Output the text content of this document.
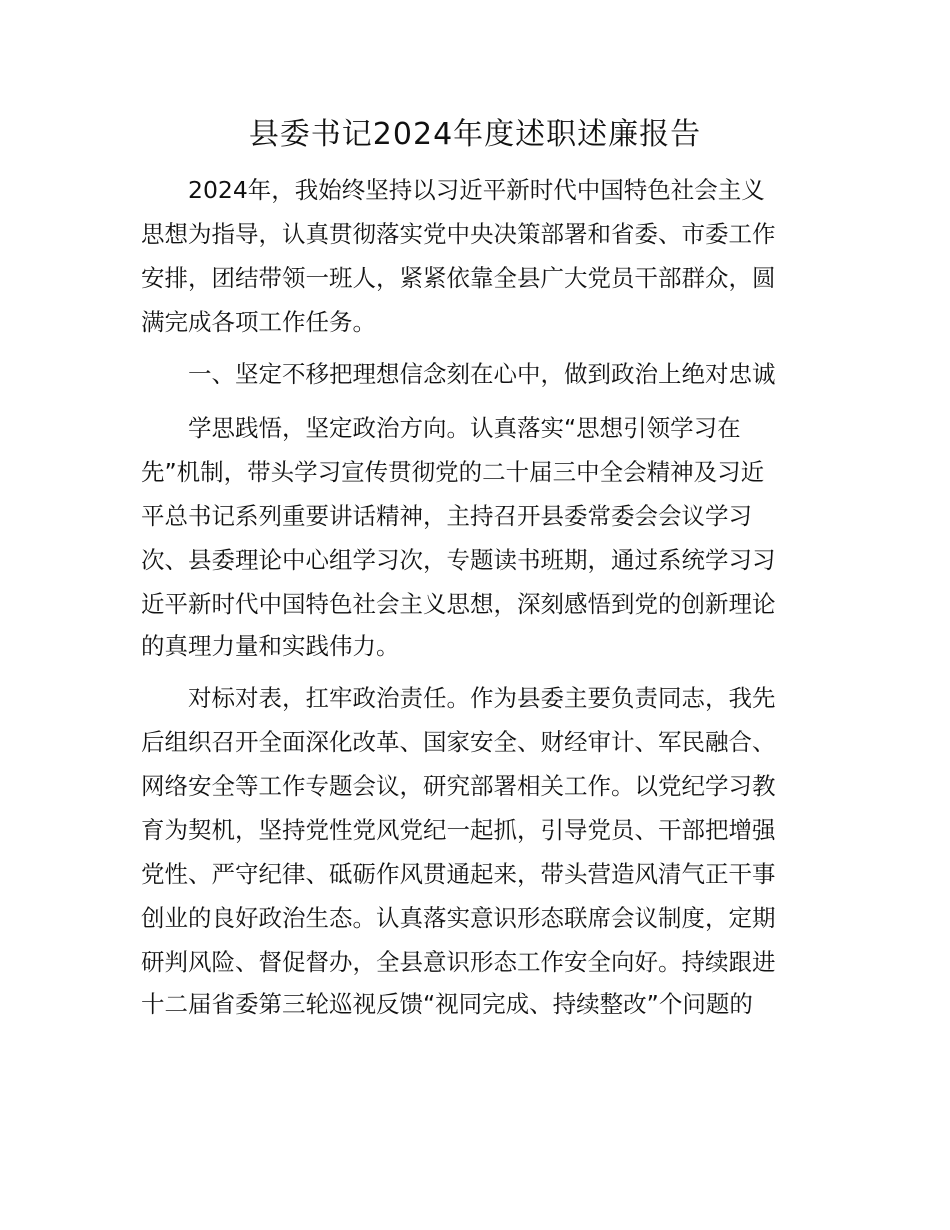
县委书记2024年度述职述廉报告
　　2024年，我始终坚持以习近平新时代中国特色社会主义
思想为指导，认真贯彻落实党中央决策部署和省委、市委工作
安排，团结带领一班人，紧紧依靠全县广大党员干部群众，圆
满完成各项工作任务。
　　一、坚定不移把理想信念刻在心中，做到政治上绝对忠诚
　　学思践悟，坚定政治方向。认真落实“思想引领学习在
先”机制，带头学习宣传贯彻党的二十届三中全会精神及习近
平总书记系列重要讲话精神，主持召开县委常委会会议学习
次、县委理论中心组学习次，专题读书班期，通过系统学习习
近平新时代中国特色社会主义思想，深刻感悟到党的创新理论
的真理力量和实践伟力。
　　对标对表，扛牢政治责任。作为县委主要负责同志，我先
后组织召开全面深化改革、国家安全、财经审计、军民融合、
网络安全等工作专题会议，研究部署相关工作。以党纪学习教
育为契机，坚持党性党风党纪一起抓，引导党员、干部把增强
党性、严守纪律、砥砺作风贯通起来，带头营造风清气正干事
创业的良好政治生态。认真落实意识形态联席会议制度，定期
研判风险、督促督办，全县意识形态工作安全向好。持续跟进
十二届省委第三轮巡视反馈“视同完成、持续整改”个问题的
